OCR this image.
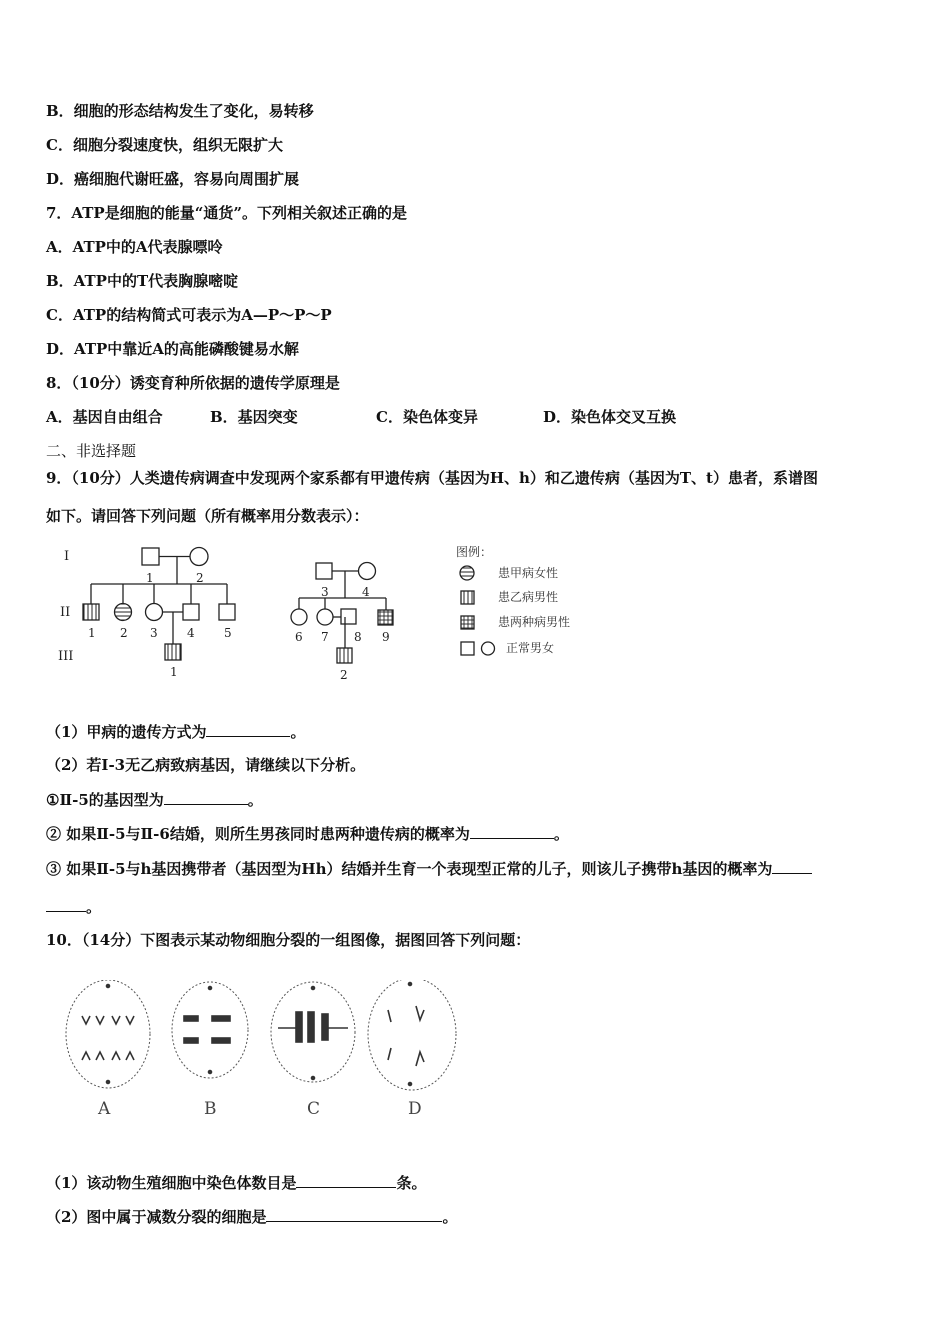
B．细胞的形态结构发生了变化，易转移
C．细胞分裂速度快，组织无限扩大
D．癌细胞代谢旺盛，容易向周围扩展
7．ATP是细胞的能量“通货”。下列相关叙述正确的是
A．ATP中的A代表腺嘌呤
B．ATP中的T代表胸腺嘧啶
C．ATP的结构简式可表示为A—P～P～P
D．ATP中靠近A的高能磷酸键易水解
8．（10分）诱变育种所依据的遗传学原理是
A．基因自由组合	B．基因突变	C．染色体变异	D．染色体交叉互换
二、非选择题
9．（10分）人类遗传病调查中发现两个家系都有甲遗传病（基因为H、h）和乙遗传病（基因为T、t）患者，系谱图
如下。请回答下列问题（所有概率用分数表示）：
I
II
III
1	2
1 2 3 4 5
1
3	4
6 7 8 9
2
图例：
患甲病女性
患乙病男性
患两种病男性
正常男女
（1）甲病的遗传方式为	。
（2）若I-3无乙病致病基因，请继续以下分析。
①Ⅱ-5的基因型为	。
② 如果Ⅱ-5与Ⅱ-6结婚，则所生男孩同时患两种遗传病的概率为	。
③ 如果Ⅱ-5与h基因携带者（基因型为Hh）结婚并生育一个表现型正常的儿子，则该儿子携带h基因的概率为
。
10．（14分）下图表示某动物细胞分裂的一组图像，据图回答下列问题：
A	B	C	D
（1）该动物生殖细胞中染色体数目是	条。
（2）图中属于减数分裂的细胞是	。
